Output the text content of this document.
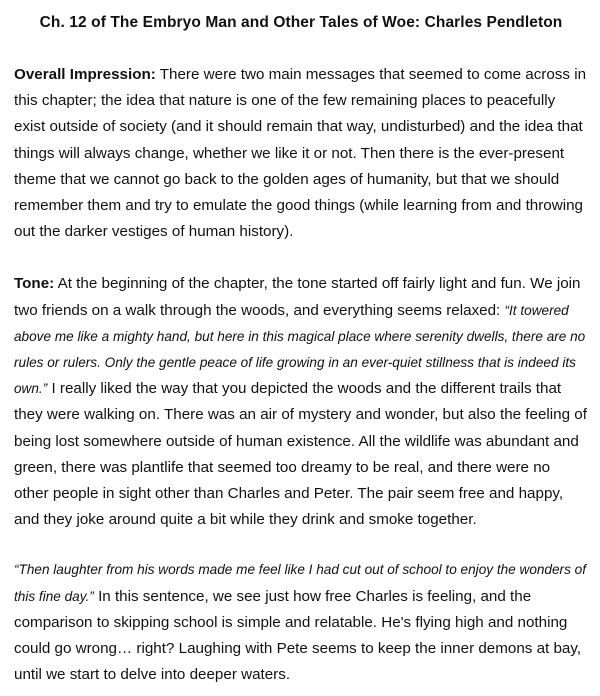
Ch. 12 of The Embryo Man and Other Tales of Woe: Charles Pendleton

Overall Impression: There were two main messages that seemed to come across in this chapter; the idea that nature is one of the few remaining places to peacefully exist outside of society (and it should remain that way, undisturbed) and the idea that things will always change, whether we like it or not. Then there is the ever-present theme that we cannot go back to the golden ages of humanity, but that we should remember them and try to emulate the good things (while learning from and throwing out the darker vestiges of human history).

Tone: At the beginning of the chapter, the tone started off fairly light and fun. We join two friends on a walk through the woods, and everything seems relaxed: “It towered above me like a mighty hand, but here in this magical place where serenity dwells, there are no rules or rulers. Only the gentle peace of life growing in an ever-quiet stillness that is indeed its own.” I really liked the way that you depicted the woods and the different trails that they were walking on. There was an air of mystery and wonder, but also the feeling of being lost somewhere outside of human existence. All the wildlife was abundant and green, there was plantlife that seemed too dreamy to be real, and there were no other people in sight other than Charles and Peter. The pair seem free and happy, and they joke around quite a bit while they drink and smoke together.

“Then laughter from his words made me feel like I had cut out of school to enjoy the wonders of this fine day.” In this sentence, we see just how free Charles is feeling, and the comparison to skipping school is simple and relatable. He's flying high and nothing could go wrong… right? Laughing with Pete seems to keep the inner demons at bay, until we start to delve into deeper waters.
